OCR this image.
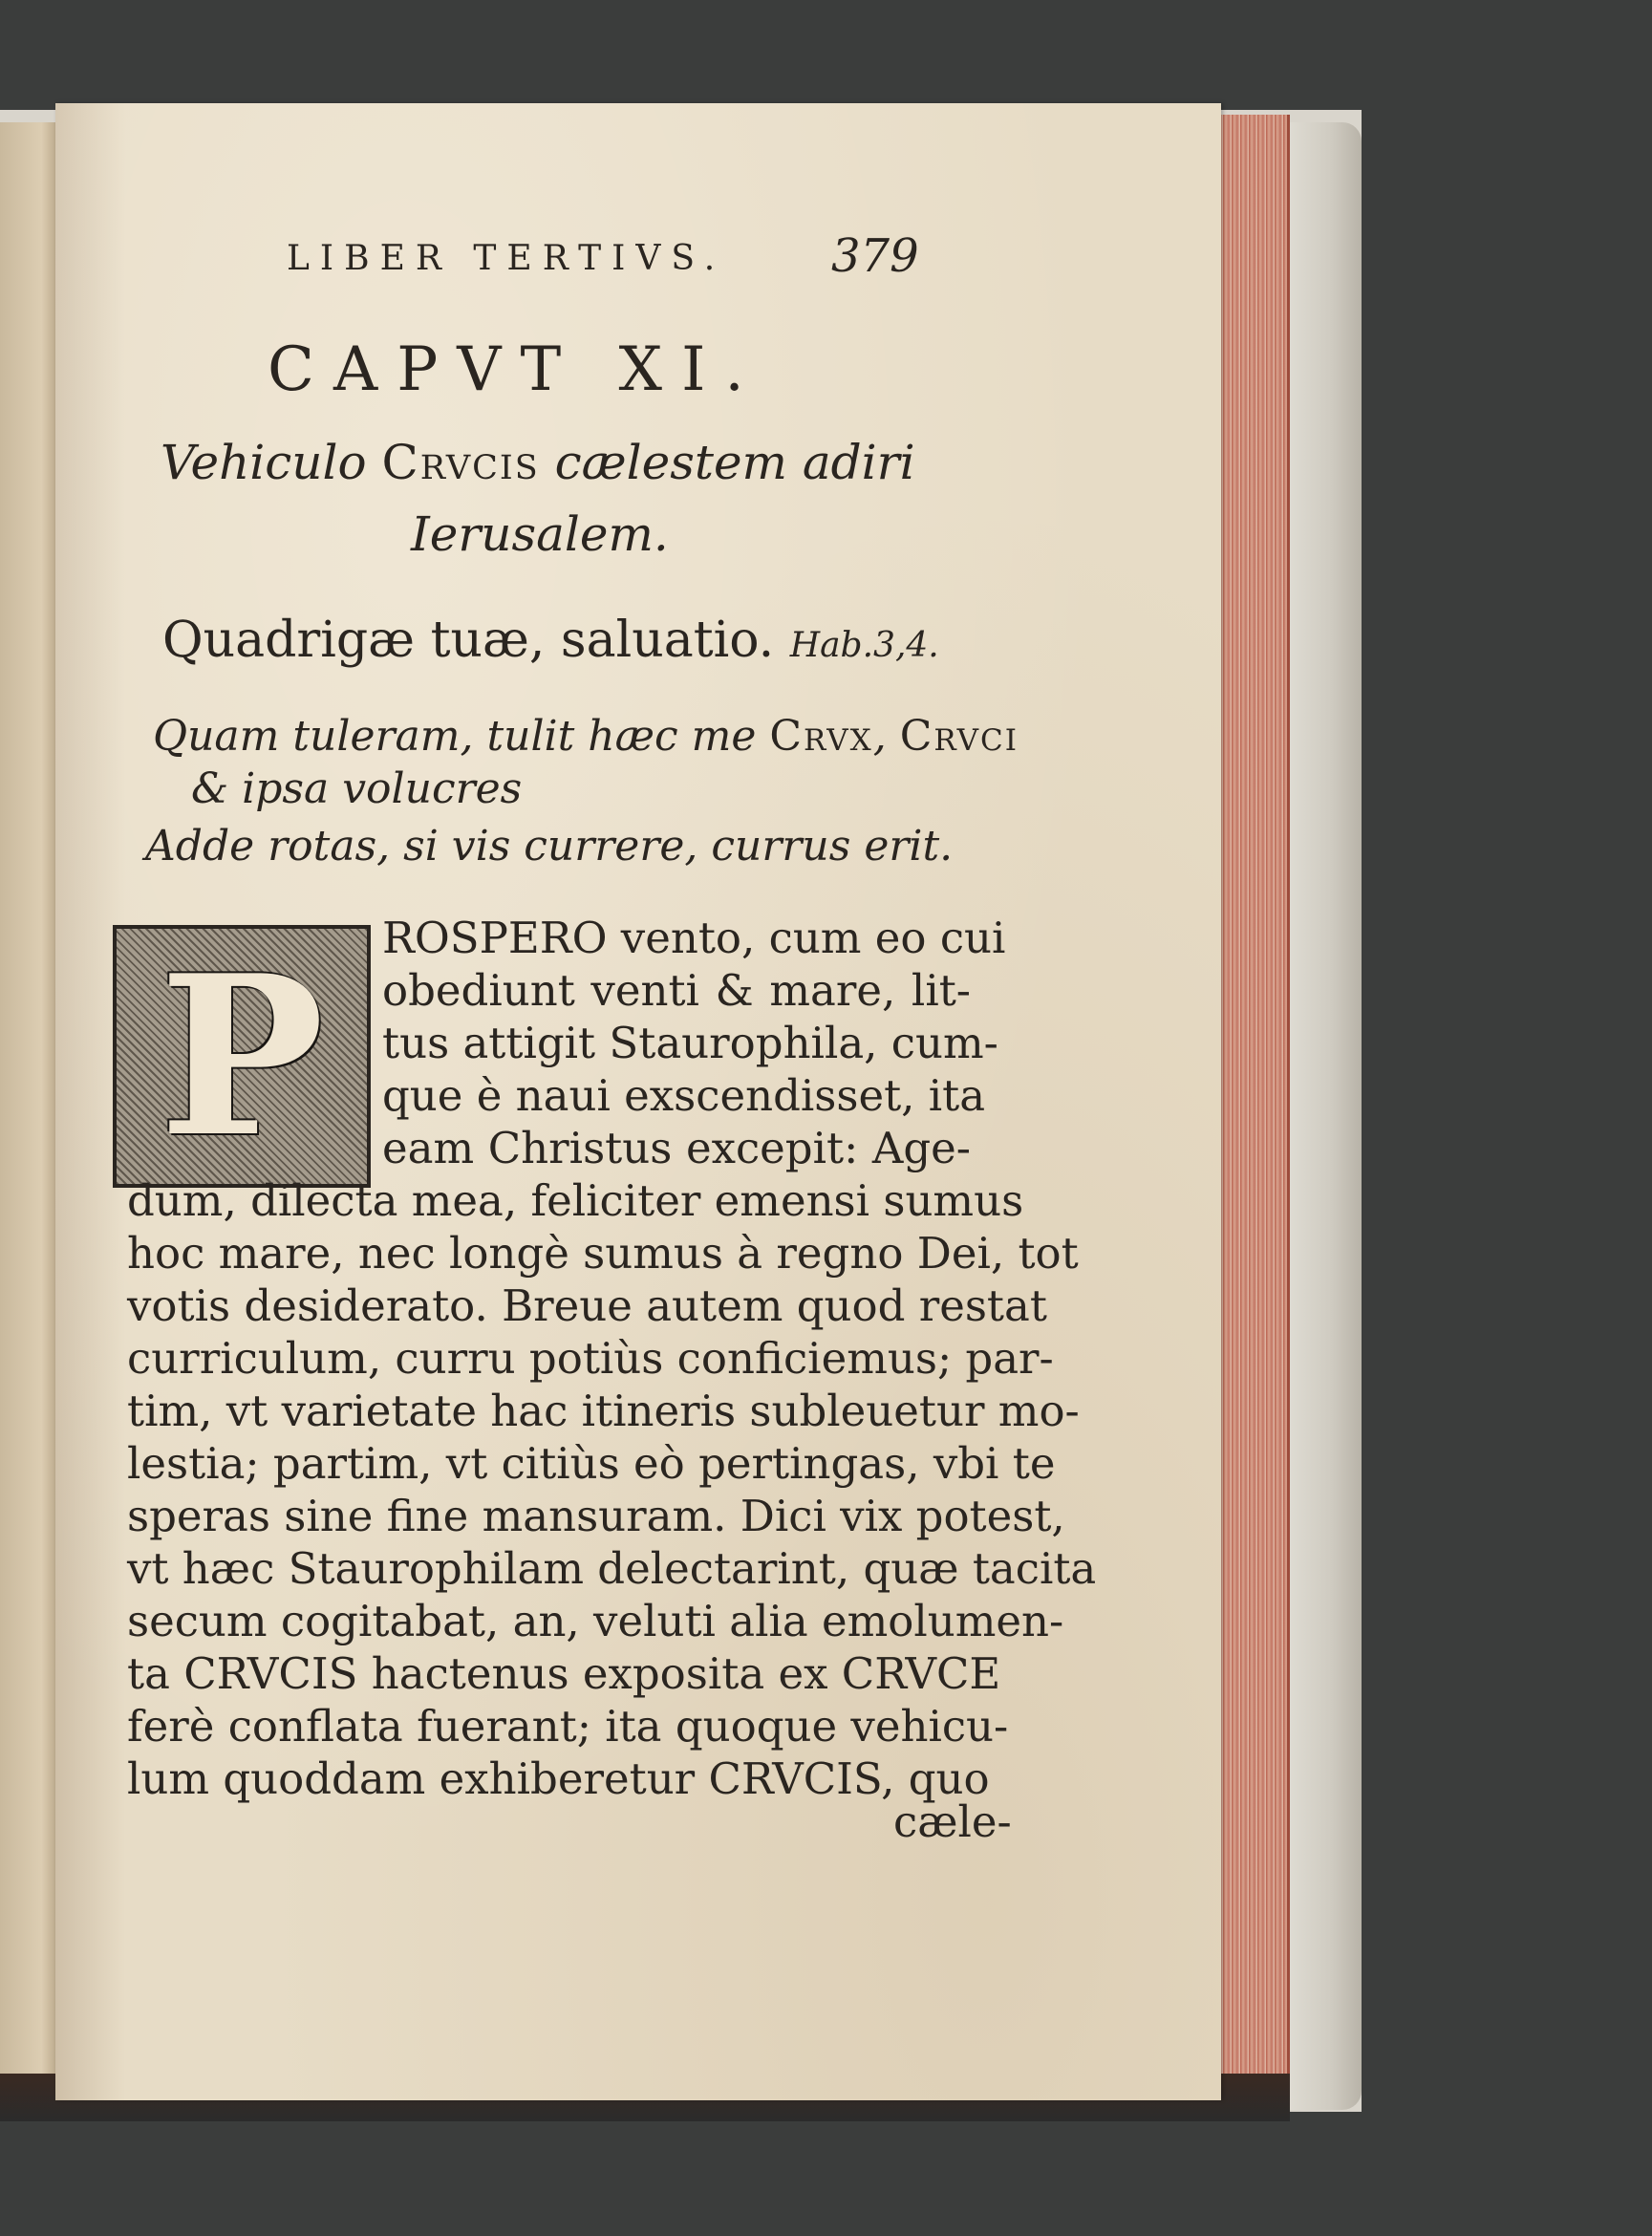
LIBER TERTIVS. 379
CAPVT XI.
Vehiculo Crvcis cælestem adiri
Ierusalem.
Quadrigæ tuæ, saluatio. Hab.3,4.
Quam tuleram, tulit hæc me Crvx, Crvci
& ipsa volucres
Adde rotas, si vis currere, currus erit.
P	ROSPERO vento, cum eo cui
obediunt venti & mare, lit-
tus attigit Staurophila, cum-
que è naui exscendisset, ita
eam Christus excepit: Age-
dum, dilecta mea, feliciter emensi sumus
hoc mare, nec longè sumus à regno Dei, tot
votis desiderato. Breue autem quod restat
curriculum, curru potiùs conficiemus; par-
tim, vt varietate hac itineris subleuetur mo-
lestia; partim, vt citiùs eò pertingas, vbi te
speras sine fine mansuram. Dici vix potest,
vt hæc Staurophilam delectarint, quæ tacita
secum cogitabat, an, veluti alia emolumen-
ta CRVCIS hactenus exposita ex CRVCE
ferè conflata fuerant; ita quoque vehicu-
lum quoddam exhiberetur CRVCIS, quo
cæle-
